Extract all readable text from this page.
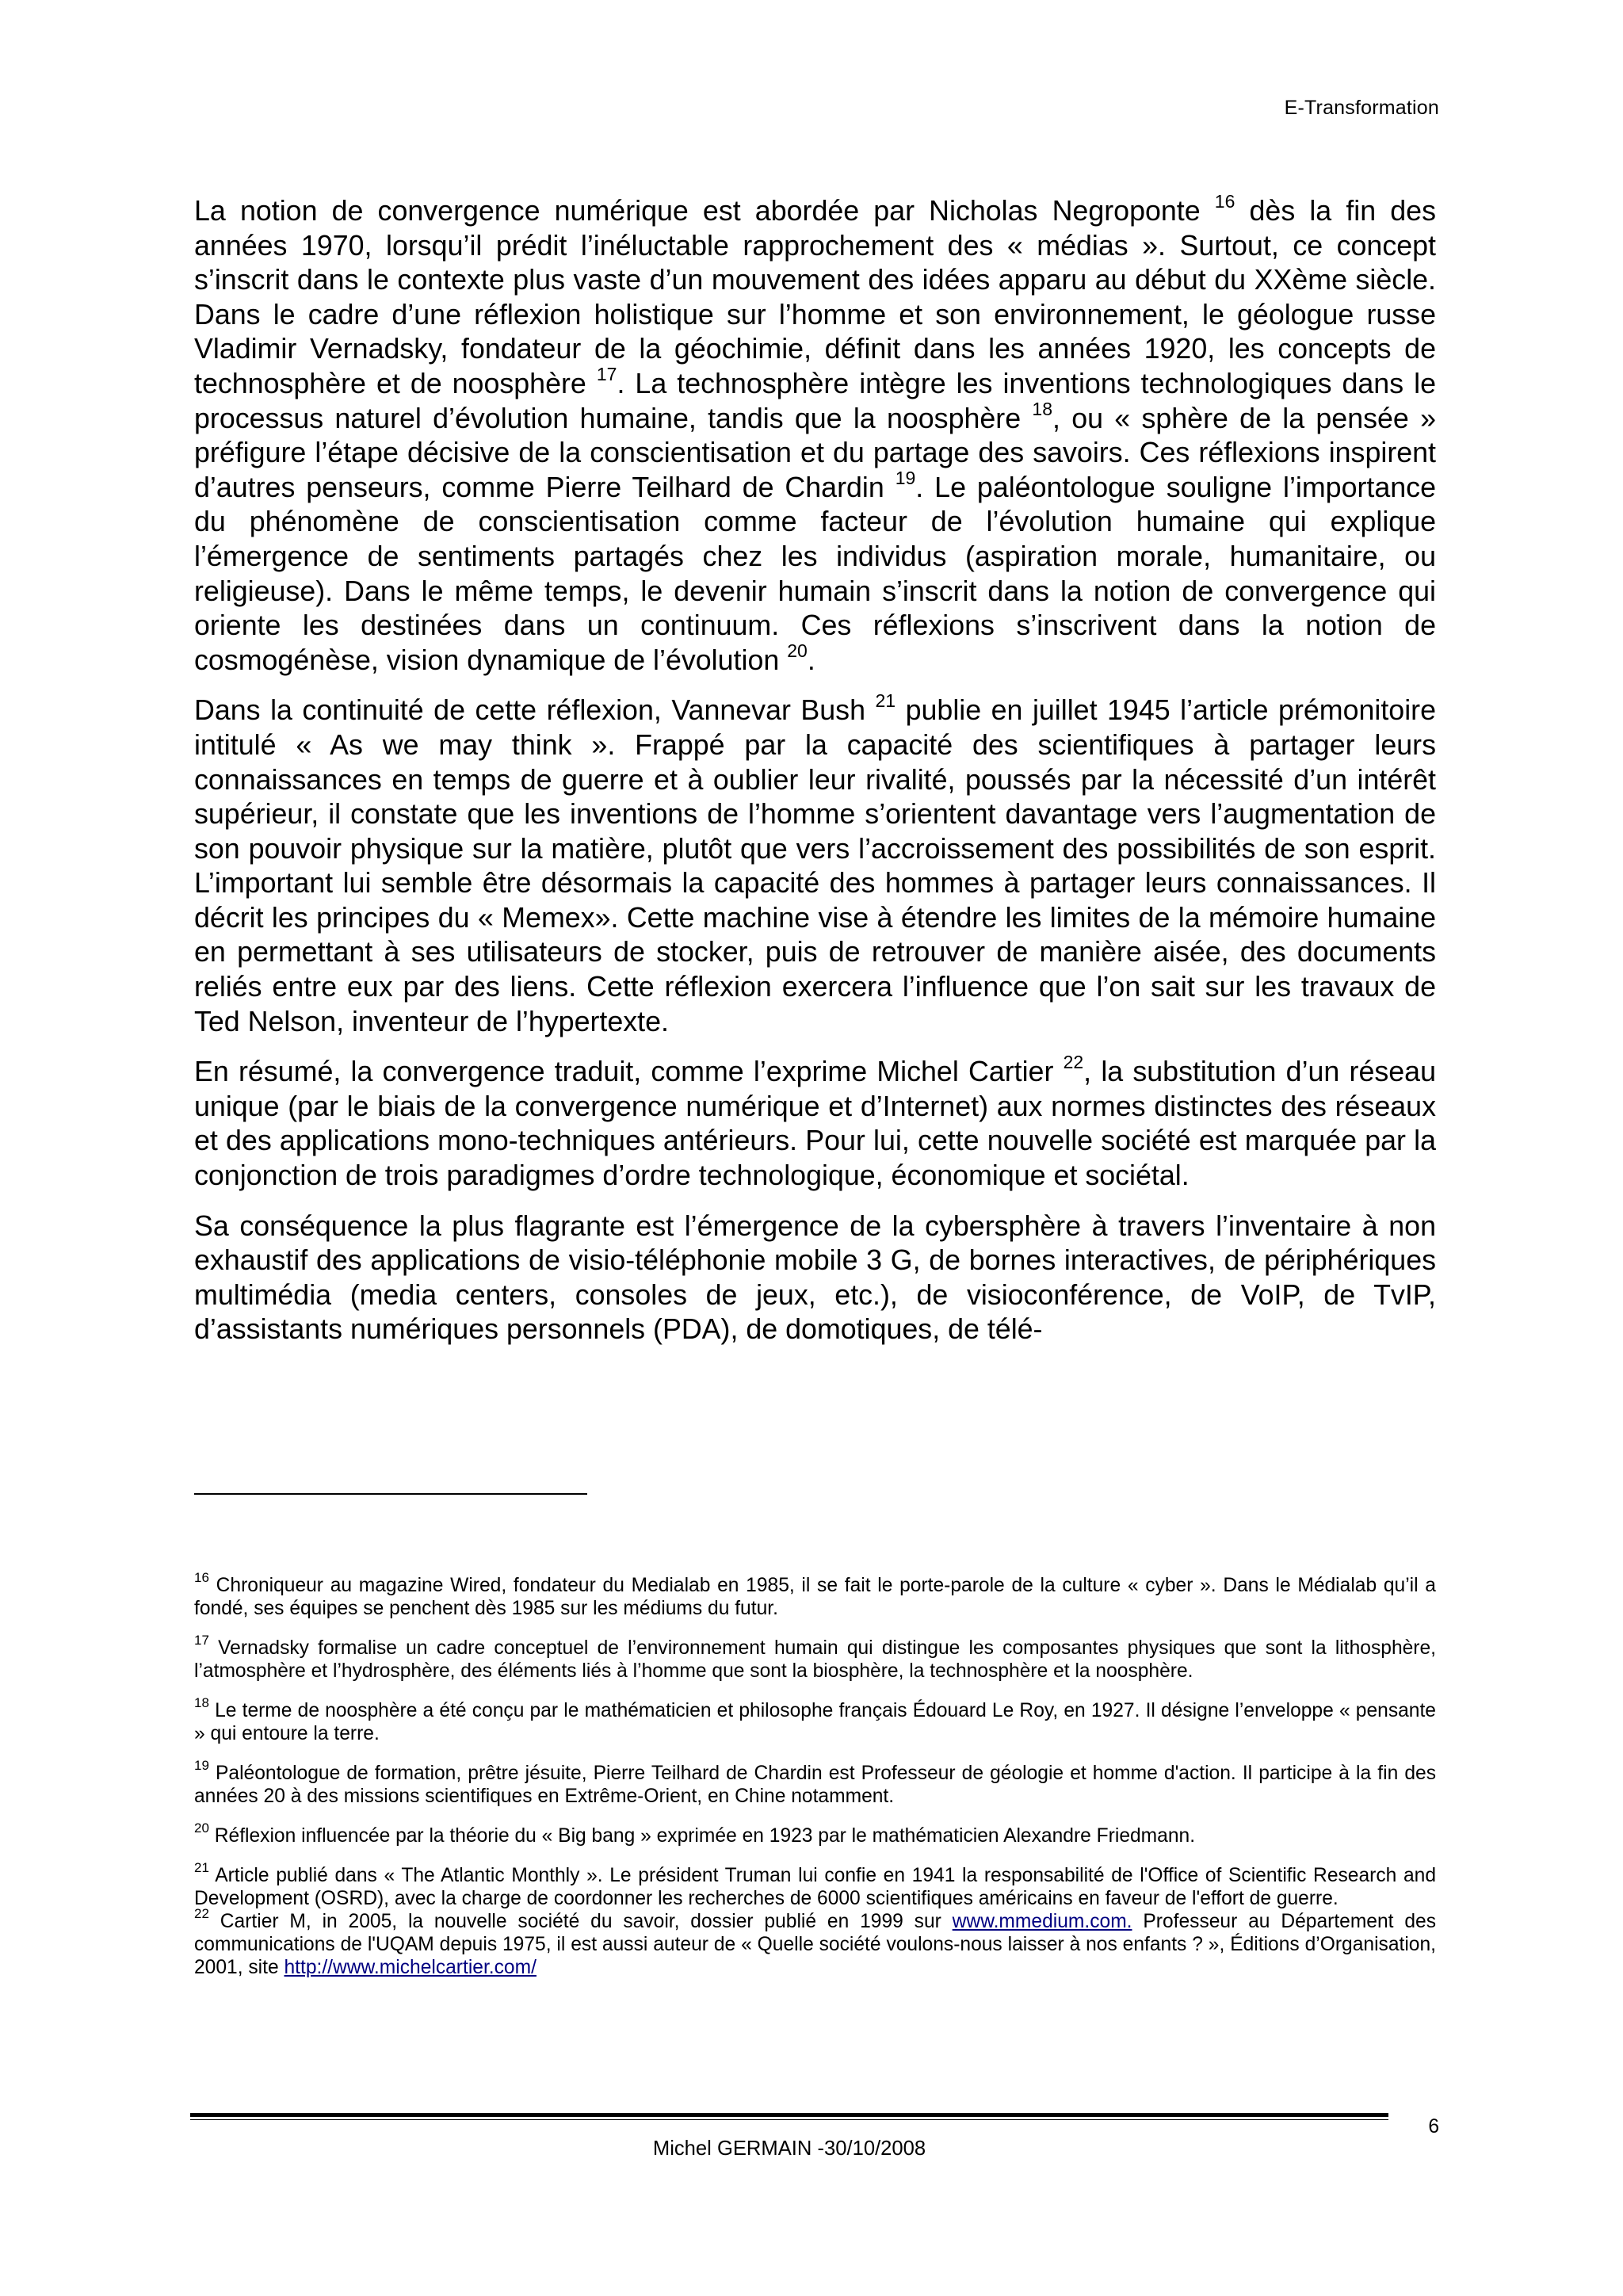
E-Transformation

La notion de convergence numérique est abordée par Nicholas Negroponte $^{16}$ dès la fin des années 1970, lorsqu’il prédit l’inéluctable rapprochement des « médias ». Surtout, ce concept s’inscrit dans le contexte plus vaste d’un mouvement des idées apparu au début du XXème siècle. Dans le cadre d’une réflexion holistique sur l’homme et son environnement, le géologue russe Vladimir Vernadsky, fondateur de la géochimie, définit dans les années 1920, les concepts de technosphère et de noosphère $^{17}$. La technosphère intègre les inventions technologiques dans le processus naturel d’évolution humaine, tandis que la noosphère $^{18}$, ou « sphère de la pensée » préfigure l’étape décisive de la conscientisation et du partage des savoirs. Ces réflexions inspirent d’autres penseurs, comme Pierre Teilhard de Chardin $^{19}$. Le paléontologue souligne l’importance du phénomène de conscientisation comme facteur de l’évolution humaine qui explique l’émergence de sentiments partagés chez les individus (aspiration morale, humanitaire, ou religieuse). Dans le même temps, le devenir humain s’inscrit dans la notion de convergence qui oriente les destinées dans un continuum. Ces réflexions s’inscrivent dans la notion de cosmogénèse, vision dynamique de l’évolution $^{20}$.

Dans la continuité de cette réflexion, Vannevar Bush $^{21}$ publie en juillet 1945 l’article prémonitoire intitulé « As we may think ». Frappé par la capacité des scientifiques à partager leurs connaissances en temps de guerre et à oublier leur rivalité, poussés par la nécessité d’un intérêt supérieur, il constate que les inventions de l’homme s’orientent davantage vers l’augmentation de son pouvoir physique sur la matière, plutôt que vers l’accroissement des possibilités de son esprit. L’important lui semble être désormais la capacité des hommes à partager leurs connaissances. Il décrit les principes du « Memex». Cette machine vise à étendre les limites de la mémoire humaine en permettant à ses utilisateurs de stocker, puis de retrouver de manière aisée, des documents reliés entre eux par des liens. Cette réflexion exercera l’influence que l’on sait sur les travaux de Ted Nelson, inventeur de l’hypertexte.

En résumé, la convergence traduit, comme l’exprime Michel Cartier $^{22}$, la substitution d’un réseau unique (par le biais de la convergence numérique et d’Internet) aux normes distinctes des réseaux et des applications mono-techniques antérieurs. Pour lui, cette nouvelle société est marquée par la conjonction de trois paradigmes d’ordre technologique, économique et sociétal.

Sa conséquence la plus flagrante est l’émergence de la cybersphère à travers l’inventaire à non exhaustif des applications de visio-téléphonie mobile 3 G, de bornes interactives, de périphériques multimédia (media centers, consoles de jeux, etc.), de visioconférence, de VoIP, de TvIP, d’assistants numériques personnels (PDA), de domotiques, de télé-

$^{16}$ Chroniqueur au magazine Wired, fondateur du Medialab en 1985, il se fait le porte-parole de la culture « cyber ». Dans le Médialab qu’il a fondé, ses équipes se penchent dès 1985 sur les médiums du futur.

$^{17}$ Vernadsky formalise un cadre conceptuel de l’environnement humain qui distingue les composantes physiques que sont la lithosphère, l’atmosphère et l’hydrosphère, des éléments liés à l’homme que sont la biosphère, la technosphère et la noosphère.

$^{18}$ Le terme de noosphère a été conçu par le mathématicien et philosophe français Édouard Le Roy, en 1927. Il désigne l’enveloppe « pensante » qui entoure la terre.

$^{19}$ Paléontologue de formation, prêtre jésuite, Pierre Teilhard de Chardin est Professeur de géologie et homme d'action. Il participe à la fin des années 20 à des missions scientifiques en Extrême-Orient, en Chine notamment.

$^{20}$ Réflexion influencée par la théorie du « Big bang » exprimée en 1923 par le mathématicien Alexandre Friedmann.

$^{21}$ Article publié dans « The Atlantic Monthly ». Le président Truman lui confie en 1941 la responsabilité de l'Office of Scientific Research and Development (OSRD), avec la charge de coordonner les recherches de 6000 scientifiques américains en faveur de l'effort de guerre.

$^{22}$ Cartier M, in 2005, la nouvelle société du savoir, dossier publié en 1999 sur www.mmedium.com. Professeur au Département des communications de l'UQAM depuis 1975, il est aussi auteur de « Quelle société voulons-nous laisser à nos enfants ? », Éditions d’Organisation, 2001, site http://www.michelcartier.com/

6
Michel GERMAIN -30/10/2008
